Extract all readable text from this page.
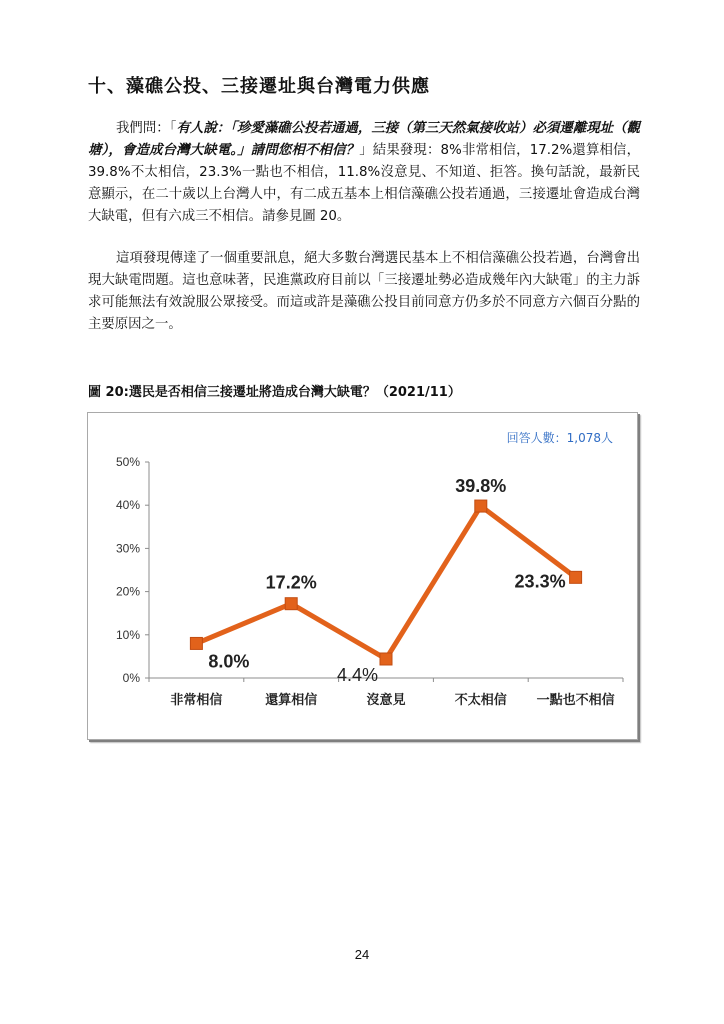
十、藻礁公投、三接遷址與台灣電力供應
我們問：「有人說：「珍愛藻礁公投若通過，三接（第三天然氣接收站）必須遷離現址（觀塘），會造成台灣大缺電。」請問您相不相信？」結果發現：8%非常相信，17.2%還算相信，39.8%不太相信，23.3%一點也不相信，11.8%沒意見、不知道、拒答。換句話說，最新民意顯示，在二十歲以上台灣人中，有二成五基本上相信藻礁公投若通過，三接遷址會造成台灣大缺電，但有六成三不相信。請參見圖 20。
這項發現傳達了一個重要訊息，絕大多數台灣選民基本上不相信藻礁公投若過，台灣會出現大缺電問題。這也意味著，民進黨政府目前以「三接遷址勢必造成幾年內大缺電」的主力訴求可能無法有效說服公眾接受。而這或許是藻礁公投目前同意方仍多於不同意方六個百分點的主要原因之一。
圖 20:選民是否相信三接遷址將造成台灣大缺電？（2021/11）
0%
10%
20%
30%
40%
50%
非常相信	還算相信	沒意見	不太相信 一點也不相信
8.0%
17.2%
4.4%
39.8%
23.3%
回答人數：1,078人
24
